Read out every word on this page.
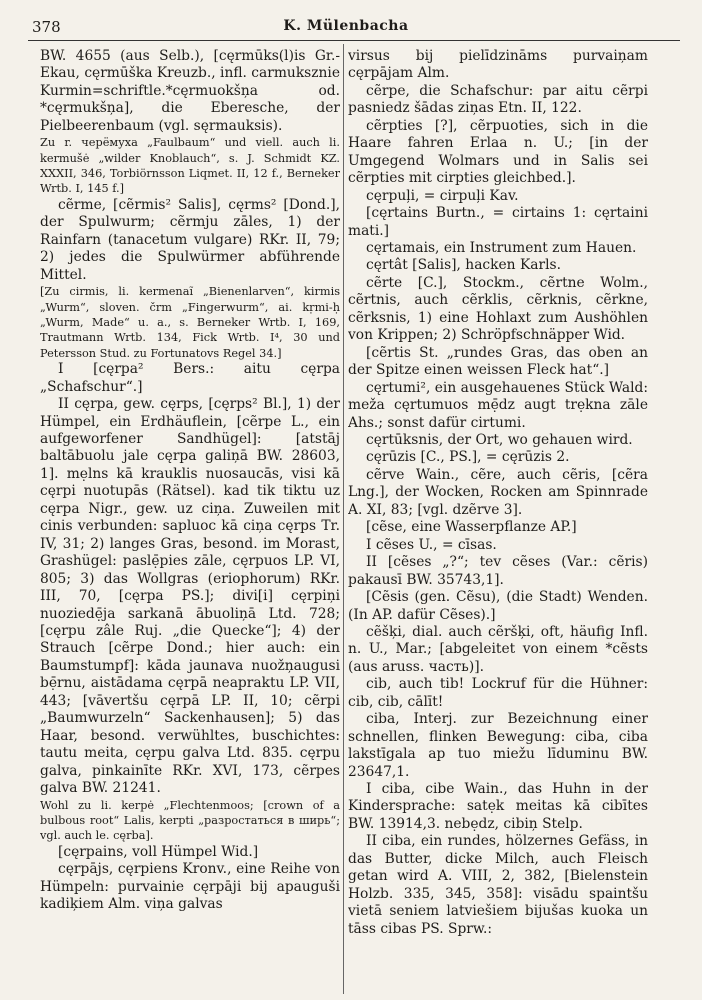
378	K. Mülenbacha

BW. 4655 (aus Selb.), [cęrmūks(l)is Gr.-Ekau, cęrmūška Kreuzb., infl. carmuksznie Kurmin=schriftle.*cęrmuokšņa od. *cęrmukšņa], die Eberesche, der Pielbeerenbaum (vgl. sęrmauksis).

Zu r. черёмуха „Faulbaum“ und viell. auch li. kermušė „wilder Knoblauch“, s. J. Schmidt KZ. XXXII, 346, Torbiörnsson Liqmet. II, 12 f., Berneker Wrtb. I, 145 f.]

cẽrme, [cẽrmis² Salis], cęrms² [Dond.], der Spulwurm; cẽrmju zāles, 1) der Rainfarn (tanacetum vulgare) RKr. II, 79; 2) jedes die Spulwürmer abführende Mittel.

[Zu cirmis, li. kermenaĩ „Bienenlarven“, kirmis „Wurm“, sloven. črm „Fingerwurm“, ai. kṛmi-ḥ „Wurm, Made“ u. a., s. Berneker Wrtb. I, 169, Trautmann Wrtb. 134, Fick Wrtb. I⁴, 30 und Petersson Stud. zu Fortunatovs Regel 34.]

I [cęrpa² Bers.: aitu cęrpa „Schafschur“.]

II cęrpa, gew. cęrps, [cęrps² Bl.], 1) der Hümpel, ein Erdhäuflein, [cẽrpe L., ein aufgeworfener Sandhügel]: [atstāj baltābuolu jale cęrpa galiņā BW. 28603, 1]. mẹlns kā krauklis nuosaucās, visi kā cęrpi nuotupās (Rätsel). kad tik tiktu uz cęrpa Nigr., gew. uz ciņa. Zuweilen mit cinis verbunden: sapluoc kā ciņa cęrps Tr. IV, 31; 2) langes Gras, besond. im Morast, Grashügel: paslẹ̄pies zāle, cęrpuos LP. VI, 805; 3) das Wollgras (eriophorum) RKr. III, 70, [cęrpa PS.]; divi[i] cęrpiņi nuoziedẹ̄ja sarkanā ābuoliņā Ltd. 728; [cęrpu zâle Ruj. „die Quecke“]; 4) der Strauch [cẽrpe Dond.; hier auch: ein Baumstumpf]: kāda jaunava nuožņaugusi bẹ̄rnu, aistādama cęrpā neapraktu LP. VII, 443; [vāvertšu cęrpā LP. II, 10; cẽrpi „Baumwurzeln“ Sackenhausen]; 5) das Haar, besond. verwühltes, buschichtes: tautu meita, cęrpu galva Ltd. 835. cęrpu galva, pinkainīte RKr. XVI, 173, cẽrpes galva BW. 21241.

Wohl zu li. kerpė „Flechtenmoos; [crown of a bulbous root“ Lalis, kerpti „разростаться в ширь“; vgl. auch le. cęrba].

[cęrpains, voll Hümpel Wid.]

cęrpājs, cęrpiens Kronv., eine Reihe von Hümpeln: purvainie cęrpāji bij apauguši kadiķiem Alm. viņa galvas

virsus bij pielīdzināms purvaiņam cęrpājam Alm.

cẽrpe, die Schafschur: par aitu cẽrpi pasniedz šādas ziņas Etn. II, 122.

cẽrpties [?], cẽrpuoties, sich in die Haare fahren Erlaa n. U.; [in der Umgegend Wolmars und in Salis sei cẽrpties mit cirpties gleichbed.].

cęrpuļi, = cirpuļi Kav.

[cęrtains Burtn., = cirtains 1: cęrtaini mati.]

cęrtamais, ein Instrument zum Hauen.

cęrtât [Salis], hacken Karls.

cẽrte [C.], Stockm., cẽrtne Wolm., cẽrtnis, auch cẽrklis, cẽrknis, cẽrkne, cẽrksnis, 1) eine Hohlaxt zum Aushöhlen von Krippen; 2) Schröpfschnäpper Wid.

[cẽrtis St. „rundes Gras, das oben an der Spitze einen weissen Fleck hat“.]

cęrtumi², ein ausgehauenes Stück Wald: meža cęrtumuos mẹ̄dz augt trẹkna zāle Ahs.; sonst dafür cirtumi.

cęrtūksnis, der Ort, wo gehauen wird.

cęrūzis [C., PS.], = cęrūzis 2.

cẽrve Wain., cẽre, auch cẽris, [cẽra Lng.], der Wocken, Rocken am Spinnrade A. XI, 83; [vgl. dzẽrve 3].

[cẽse, eine Wasserpflanze AP.]

I cẽses U., = cīsas.

II [cẽses „?“; tev cẽses (Var.: cẽris) pakausī BW. 35743,1].

[Cẽsis (gen. Cẽsu), (die Stadt) Wenden. (In AP. dafür Cẽses).]

cẽšķi, dial. auch cẽršķi, oft, häufig Infl. n. U., Mar.; [abgeleitet von einem *cẽsts (aus aruss. часть)].

cib, auch tib! Lockruf für die Hühner: cib, cib, cālīt!

ciba, Interj. zur Bezeichnung einer schnellen, flinken Bewegung: ciba, ciba lakstīgala ap tuo miežu līduminu BW. 23647,1.

I ciba, cibe Wain., das Huhn in der Kindersprache: satẹk meitas kā cibītes BW. 13914,3. nebẹdz, cibiņ Stelp.

II ciba, ein rundes, hölzernes Gefäss, in das Butter, dicke Milch, auch Fleisch getan wird A. VIII, 2, 382, [Bielenstein Holzb. 335, 345, 358]: visādu spaintšu vietā seniem latviešiem bijušas kuoka un tāss cibas PS. Sprw.:
